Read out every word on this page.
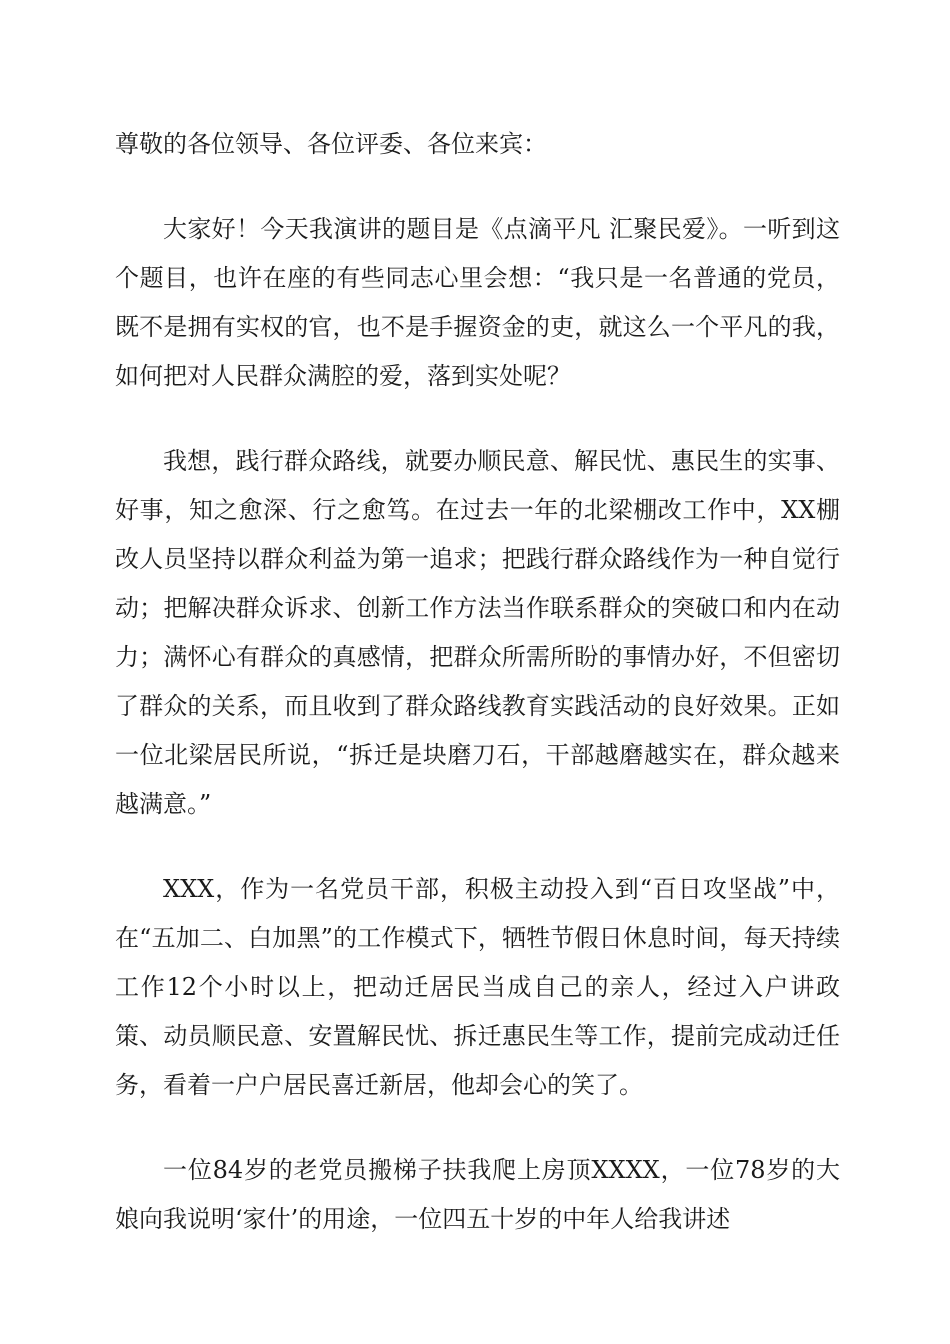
尊敬的各位领导、各位评委、各位来宾：

大家好！今天我演讲的题目是《点滴平凡 汇聚民爱》。一听到这个题目，也许在座的有些同志心里会想：“我只是一名普通的党员，既不是拥有实权的官，也不是手握资金的吏，就这么一个平凡的我，如何把对人民群众满腔的爱，落到实处呢？

我想，践行群众路线，就要办顺民意、解民忧、惠民生的实事、好事，知之愈深、行之愈笃。在过去一年的北梁棚改工作中，XX棚改人员坚持以群众利益为第一追求；把践行群众路线作为一种自觉行动；把解决群众诉求、创新工作方法当作联系群众的突破口和内在动力；满怀心有群众的真感情，把群众所需所盼的事情办好，不但密切了群众的关系，而且收到了群众路线教育实践活动的良好效果。正如一位北梁居民所说，“拆迁是块磨刀石，干部越磨越实在，群众越来越满意。”

XXX，作为一名党员干部，积极主动投入到“百日攻坚战”中，在“五加二、白加黑”的工作模式下，牺牲节假日休息时间，每天持续工作12个小时以上，把动迁居民当成自己的亲人，经过入户讲政策、动员顺民意、安置解民忧、拆迁惠民生等工作，提前完成动迁任务，看着一户户居民喜迁新居，他却会心的笑了。

一位84岁的老党员搬梯子扶我爬上房顶XXXX，一位78岁的大娘向我说明‘家什’的用途，一位四五十岁的中年人给我讲述
